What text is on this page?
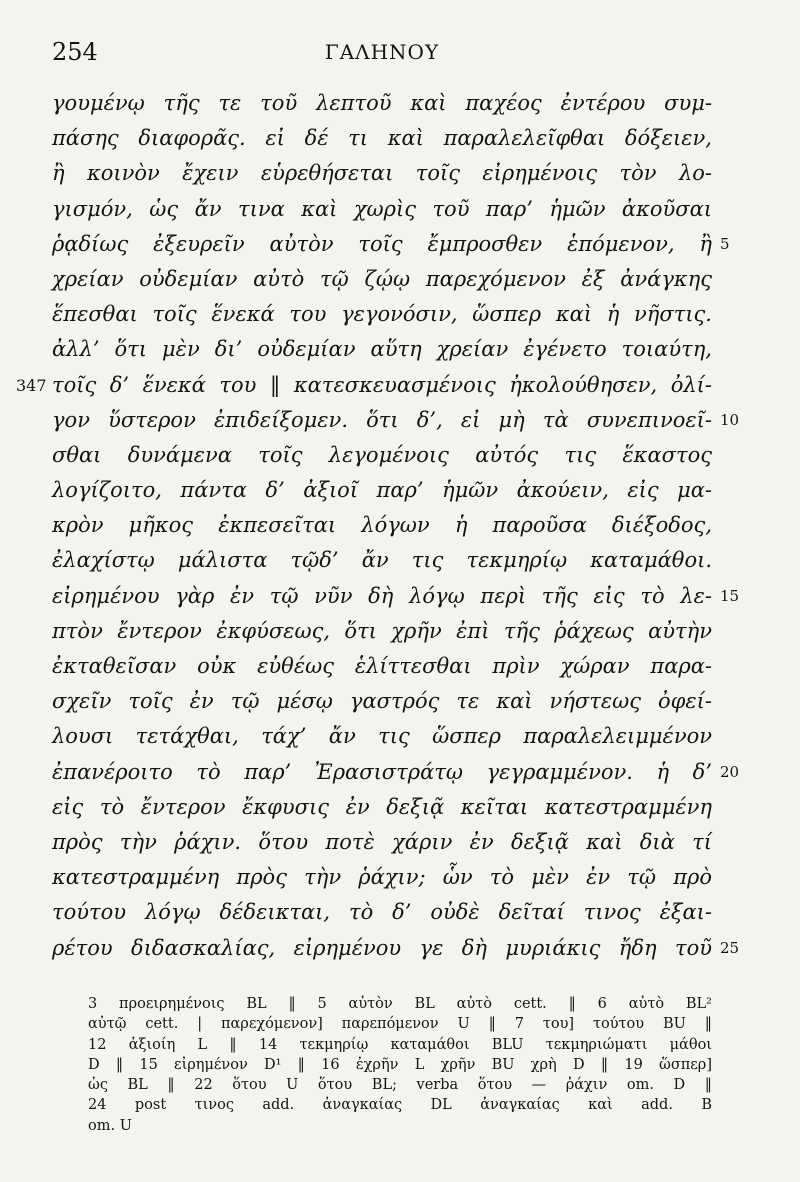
254	ΓΑΛΗΝΟΥ
γουμένῳ τῆς τε τοῦ λεπτοῦ καὶ παχέος ἐντέρου συμ-
πάσης διαφορᾶς. εἰ δέ τι καὶ παραλελεῖφθαι δόξειεν,
ἢ κοινὸν ἔχειν εὑρεθήσεται τοῖς εἰρημένοις τὸν λο-
γισμόν, ὡς ἄν τινα καὶ χωρὶς τοῦ παρ’ ἡμῶν ἀκοῦσαι
ῥᾳδίως ἐξευρεῖν αὐτὸν τοῖς ἔμπροσθεν ἑπόμενον, ἢ 5
χρείαν οὐδεμίαν αὐτὸ τῷ ζῴῳ παρεχόμενον ἐξ ἀνάγκης
ἕπεσθαι τοῖς ἕνεκά του γεγονόσιν, ὥσπερ καὶ ἡ νῆστις.
ἀλλ’ ὅτι μὲν δι’ οὐδεμίαν αὕτη χρείαν ἐγένετο τοιαύτη,
τοῖς δ’ ἕνεκά του ‖ κατεσκευασμένοις ἠκολούθησεν, ὀλί-
347
γον ὕστερον ἐπιδείξομεν. ὅτι δ’, εἰ μὴ τὰ συνεπινοεῖ- 10
σθαι δυνάμενα τοῖς λεγομένοις αὐτός τις ἕκαστος
λογίζοιτο, πάντα δ’ ἀξιοῖ παρ’ ἡμῶν ἀκούειν, εἰς μα-
κρὸν μῆκος ἐκπεσεῖται λόγων ἡ παροῦσα διέξοδος,
ἐλαχίστῳ μάλιστα τῷδ’ ἄν τις τεκμηρίῳ καταμάθοι.
εἰρημένου γὰρ ἐν τῷ νῦν δὴ λόγῳ περὶ τῆς εἰς τὸ λε- 15
πτὸν ἔντερον ἐκφύσεως, ὅτι χρῆν ἐπὶ τῆς ῥάχεως αὐτὴν
ἐκταθεῖσαν οὐκ εὐθέως ἑλίττεσθαι πρὶν χώραν παρα-
σχεῖν τοῖς ἐν τῷ μέσῳ γαστρός τε καὶ νήστεως ὀφεί-
λουσι τετάχθαι, τάχ’ ἄν τις ὥσπερ παραλελειμμένον
ἐπανέροιτο τὸ παρ’ Ἐρασιστράτῳ γεγραμμένον. ἡ δ’ 20
εἰς τὸ ἔντερον ἔκφυσις ἐν δεξιᾷ κεῖται κατεστραμμένη
πρὸς τὴν ῥάχιν. ὅτου ποτὲ χάριν ἐν δεξιᾷ καὶ διὰ τί
κατεστραμμένη πρὸς τὴν ῥάχιν; ὧν τὸ μὲν ἐν τῷ πρὸ
τούτου λόγῳ δέδεικται, τὸ δ’ οὐδὲ δεῖταί τινος ἐξαι-
ρέτου διδασκαλίας, εἰρημένου γε δὴ μυριάκις ἤδη τοῦ 25
3 προειρημένοις BL ‖ 5 αὐτὸν BL αὐτὸ cett. ‖ 6 αὐτὸ BL²
αὐτῷ cett. | παρεχόμενον] παρεπόμενον U ‖ 7 του] τούτου BU ‖
12 ἀξιοίη L ‖ 14 τεκμηρίῳ καταμάθοι BLU τεκμηριώματι μάθοι
D ‖ 15 εἰρημένον D¹ ‖ 16 ἐχρῆν L χρῆν BU χρὴ D ‖ 19 ὥσπερ]
ὡς BL ‖ 22 ὅτου U ὅτου BL; verba ὅτου — ῥάχιν om. D ‖
24 post τινος add. ἀναγκαίας DL ἀναγκαίας καὶ add. B
om. U
